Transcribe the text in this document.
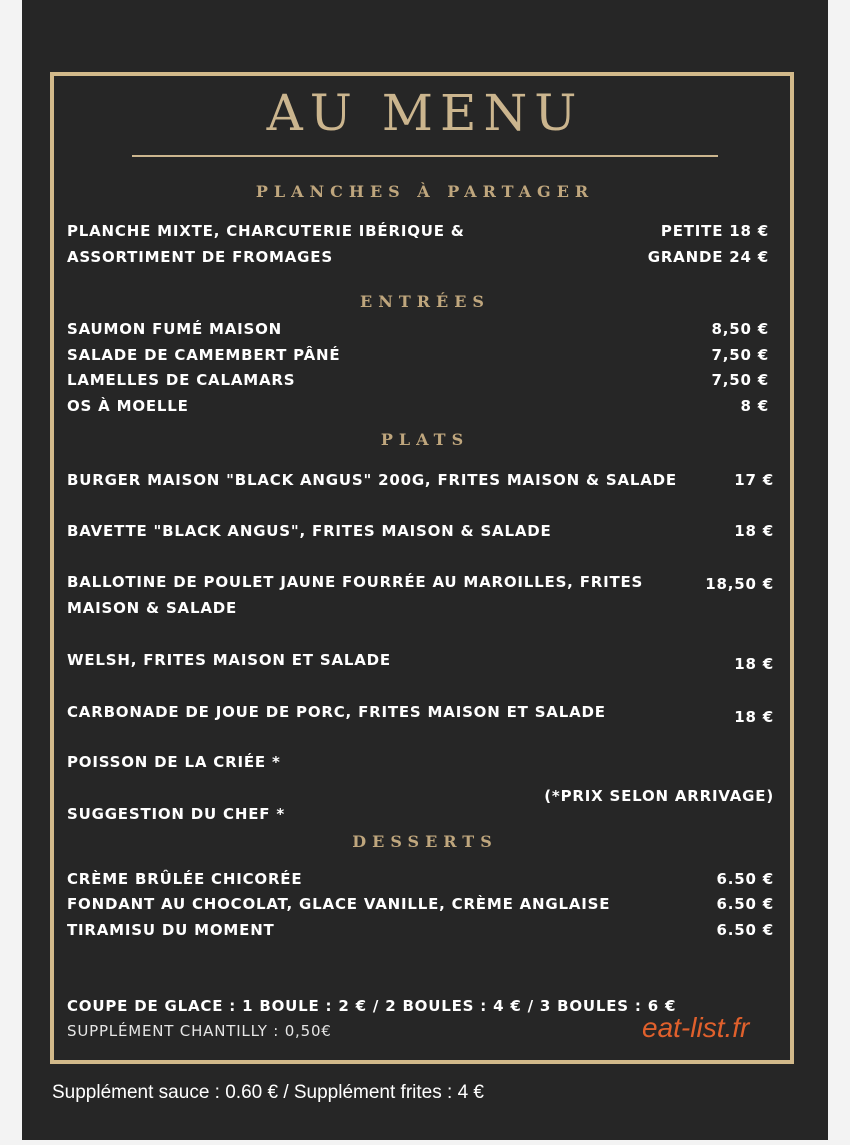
AU MENU
PLANCHES À PARTAGER
PLANCHE MIXTE, CHARCUTERIE IBÉRIQUE &
ASSORTIMENT DE FROMAGES
PETITE 18 €
GRANDE 24 €
ENTRÉES
SAUMON FUMÉ MAISON	8,50 €
SALADE DE CAMEMBERT PÂNÉ	7,50 €
LAMELLES DE CALAMARS	7,50 €
OS À MOELLE	8 €
PLATS
BURGER MAISON "BLACK ANGUS" 200G, FRITES MAISON & SALADE	17 €
BAVETTE "BLACK ANGUS", FRITES MAISON & SALADE	18 €
BALLOTINE DE POULET JAUNE FOURRÉE AU MAROILLES, FRITES
MAISON & SALADE
18,50 €
WELSH, FRITES MAISON ET SALADE	18 €
CARBONADE DE JOUE DE PORC, FRITES MAISON ET SALADE	18 €
POISSON DE LA CRIÉE *
(*PRIX SELON ARRIVAGE)
SUGGESTION DU CHEF *
DESSERTS
CRÈME BRÛLÉE CHICORÉE	6.50 €
FONDANT AU CHOCOLAT, GLACE VANILLE, CRÈME ANGLAISE	6.50 €
TIRAMISU DU MOMENT	6.50 €
COUPE DE GLACE : 1 BOULE : 2 € / 2 BOULES : 4 € / 3 BOULES : 6 €
SUPPLÉMENT CHANTILLY : 0,50€	eat-list.fr
Supplément sauce : 0.60 € / Supplément frites : 4 €
